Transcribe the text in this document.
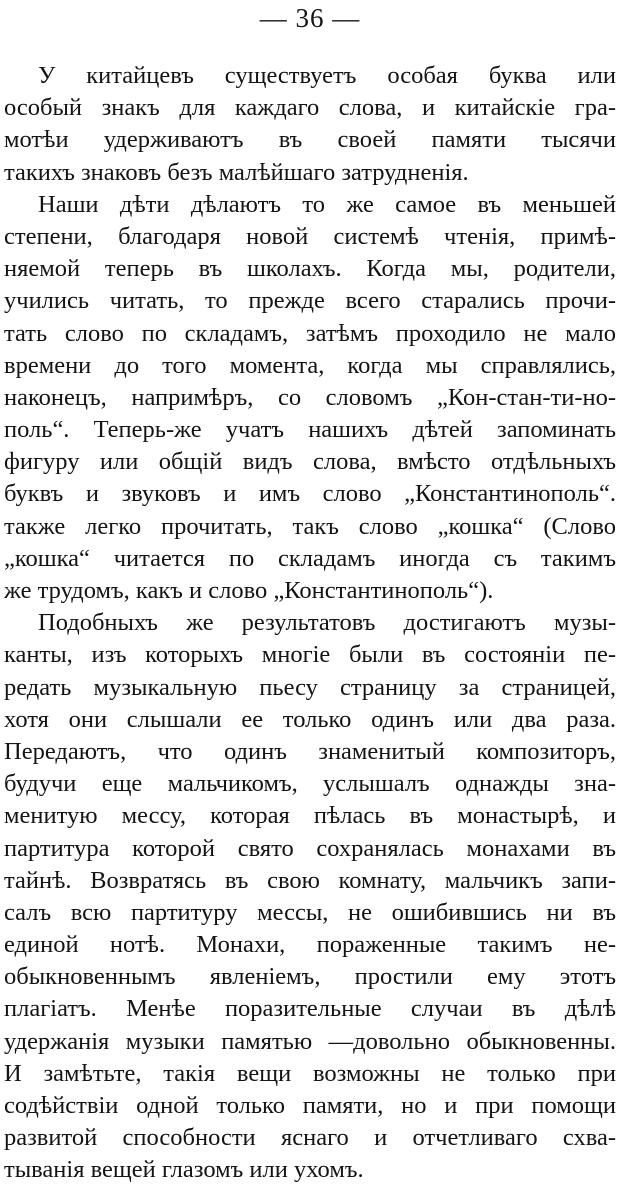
— 36 —
У китайцевъ существуетъ особая буква или
особый знакъ для каждаго слова, и китайскіе гра-
мотѣи удерживаютъ въ своей памяти тысячи
такихъ знаковъ безъ малѣйшаго затрудненія.
Наши дѣти дѣлаютъ то же самое въ меньшей
степени, благодаря новой системѣ чтенія, примѣ-
няемой теперь въ школахъ. Когда мы, родители,
учились читать, то прежде всего старались прочи-
тать слово по складамъ, затѣмъ проходило не мало
времени до того момента, когда мы справлялись,
наконецъ, напримѣръ, со словомъ „Кон-стан-ти-но-
поль“. Теперь-же учатъ нашихъ дѣтей запоминать
фигуру или общій видъ слова, вмѣсто отдѣльныхъ
буквъ и звуковъ и имъ слово „Константинополь“.
также легко прочитать, такъ слово „кошка“ (Слово
„кошка“ читается по складамъ иногда съ такимъ
же трудомъ, какъ и слово „Константинополь“).
Подобныхъ же результатовъ достигаютъ музы-
канты, изъ которыхъ многіе были въ состояніи пе-
редать музыкальную пьесу страницу за страницей,
хотя они слышали ее только одинъ или два раза.
Передаютъ, что одинъ знаменитый композиторъ,
будучи еще мальчикомъ, услышалъ однажды зна-
менитую мессу, которая пѣлась въ монастырѣ, и
партитура которой свято сохранялась монахами въ
тайнѣ. Возвратясь въ свою комнату, мальчикъ запи-
салъ всю партитуру мессы, не ошибившись ни въ
единой нотѣ. Монахи, пораженные такимъ не-
обыкновеннымъ явленіемъ, простили ему этотъ
плагіатъ. Менѣе поразительные случаи въ дѣлѣ
удержанія музыки памятью —довольно обыкновенны.
И замѣтьте, такія вещи возможны не только при
содѣйствіи одной только памяти, но и при помощи
развитой способности яснаго и отчетливаго схва-
тыванія вещей глазомъ или ухомъ.
